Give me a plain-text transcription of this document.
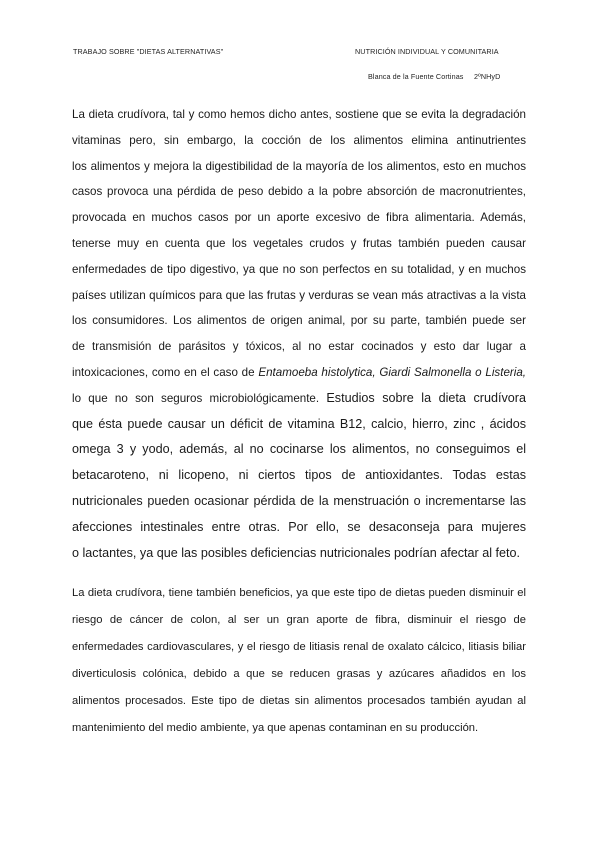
TRABAJO SOBRE "DIETAS ALTERNATIVAS"	NUTRICIÓN INDIVIDUAL Y COMUNITARIA
Blanca de la Fuente Cortinas 2ºNHyD
La dieta crudívora, tal y como hemos dicho antes, sostiene que se evita la degradación
vitaminas pero, sin embargo, la cocción de los alimentos elimina antinutrientes
los alimentos y mejora la digestibilidad de la mayoría de los alimentos, esto en muchos
casos provoca una pérdida de peso debido a la pobre absorción de macronutrientes,
provocada en muchos casos por un aporte excesivo de fibra alimentaria. Además,
tenerse muy en cuenta que los vegetales crudos y frutas también pueden causar
enfermedades de tipo digestivo, ya que no son perfectos en su totalidad, y en muchos
países utilizan químicos para que las frutas y verduras se vean más atractivas a la vista
los consumidores. Los alimentos de origen animal, por su parte, también puede ser
de transmisión de parásitos y tóxicos, al no estar cocinados y esto dar lugar a
intoxicaciones, como en el caso de Entamoeba histolytica, Giardi Salmonella o Listeria,
lo que no son seguros microbiológicamente. Estudios sobre la dieta crudívora
que ésta puede causar un déficit de vitamina B12, calcio, hierro, zinc , ácidos
omega 3 y yodo, además, al no cocinarse los alimentos, no conseguimos el
betacaroteno, ni licopeno, ni ciertos tipos de antioxidantes. Todas estas
nutricionales pueden ocasionar pérdida de la menstruación o incrementarse las
afecciones intestinales entre otras. Por ello, se desaconseja para mujeres
o lactantes, ya que las posibles deficiencias nutricionales podrían afectar al feto.
La dieta crudívora, tiene también beneficios, ya que este tipo de dietas pueden disminuir el
riesgo de cáncer de colon, al ser un gran aporte de fibra, disminuir el riesgo de
enfermedades cardiovasculares, y el riesgo de litiasis renal de oxalato cálcico, litiasis biliar
diverticulosis colónica, debido a que se reducen grasas y azúcares añadidos en los
alimentos procesados. Este tipo de dietas sin alimentos procesados también ayudan al
mantenimiento del medio ambiente, ya que apenas contaminan en su producción.
